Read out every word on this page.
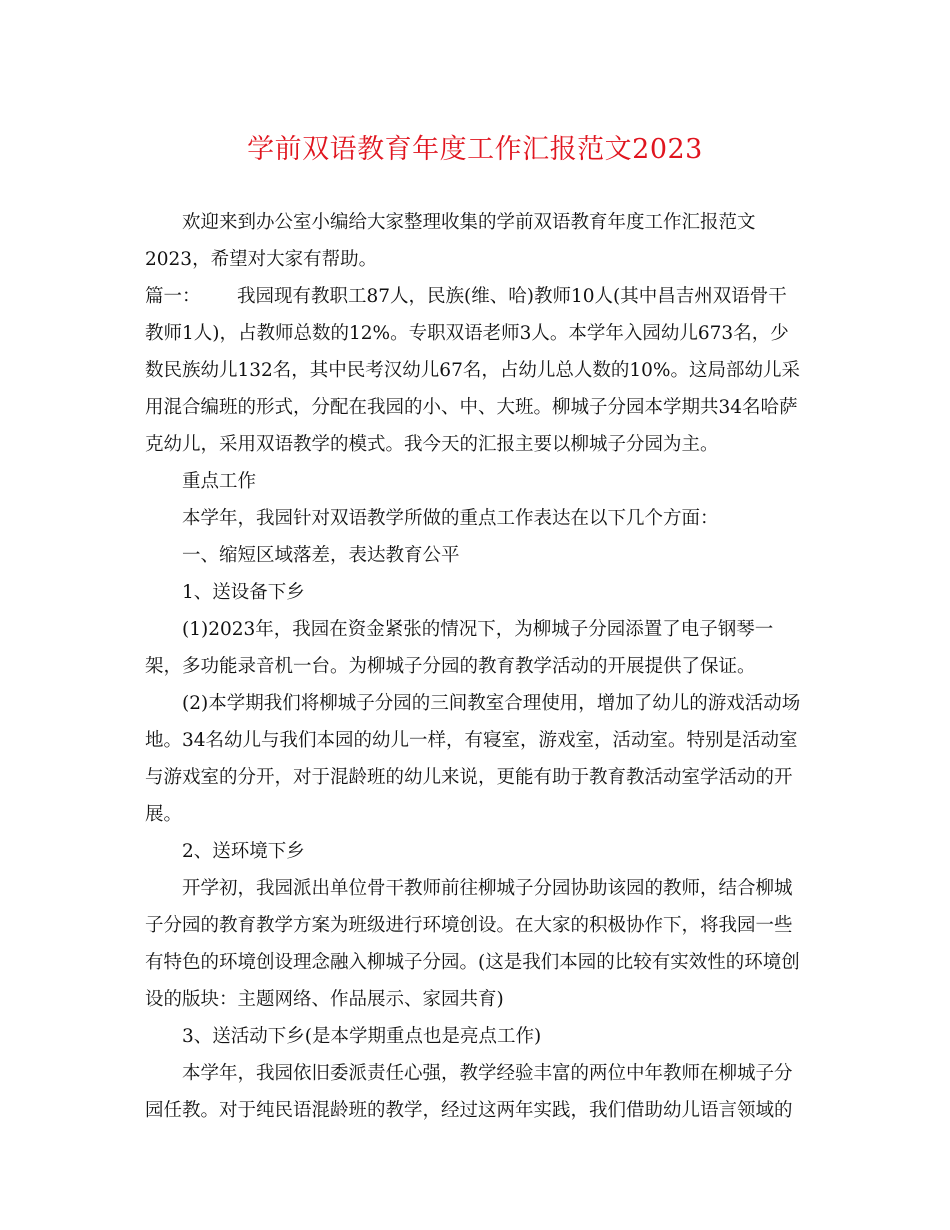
学前双语教育年度工作汇报范文2023

欢迎来到办公室小编给大家整理收集的学前双语教育年度工作汇报范文2023，希望对大家有帮助。

篇一： 我园现有教职工87人，民族(维、哈)教师10人(其中昌吉州双语骨干教师1人)，占教师总数的12%。专职双语老师3人。本学年入园幼儿673名，少数民族幼儿132名，其中民考汉幼儿67名，占幼儿总人数的10%。这局部幼儿采用混合编班的形式，分配在我园的小、中、大班。柳城子分园本学期共34名哈萨克幼儿，采用双语教学的模式。我今天的汇报主要以柳城子分园为主。

重点工作

本学年，我园针对双语教学所做的重点工作表达在以下几个方面：

一、缩短区域落差，表达教育公平

1、送设备下乡

(1)2023年，我园在资金紧张的情况下，为柳城子分园添置了电子钢琴一架，多功能录音机一台。为柳城子分园的教育教学活动的开展提供了保证。

(2)本学期我们将柳城子分园的三间教室合理使用，增加了幼儿的游戏活动场地。34名幼儿与我们本园的幼儿一样，有寝室，游戏室，活动室。特别是活动室与游戏室的分开，对于混龄班的幼儿来说，更能有助于教育教活动室学活动的开展。

2、送环境下乡

开学初，我园派出单位骨干教师前往柳城子分园协助该园的教师，结合柳城子分园的教育教学方案为班级进行环境创设。在大家的积极协作下，将我园一些有特色的环境创设理念融入柳城子分园。(这是我们本园的比较有实效性的环境创设的版块：主题网络、作品展示、家园共育)

3、送活动下乡(是本学期重点也是亮点工作)

本学年，我园依旧委派责任心强，教学经验丰富的两位中年教师在柳城子分园任教。对于纯民语混龄班的教学，经过这两年实践，我们借助幼儿语言领域的
